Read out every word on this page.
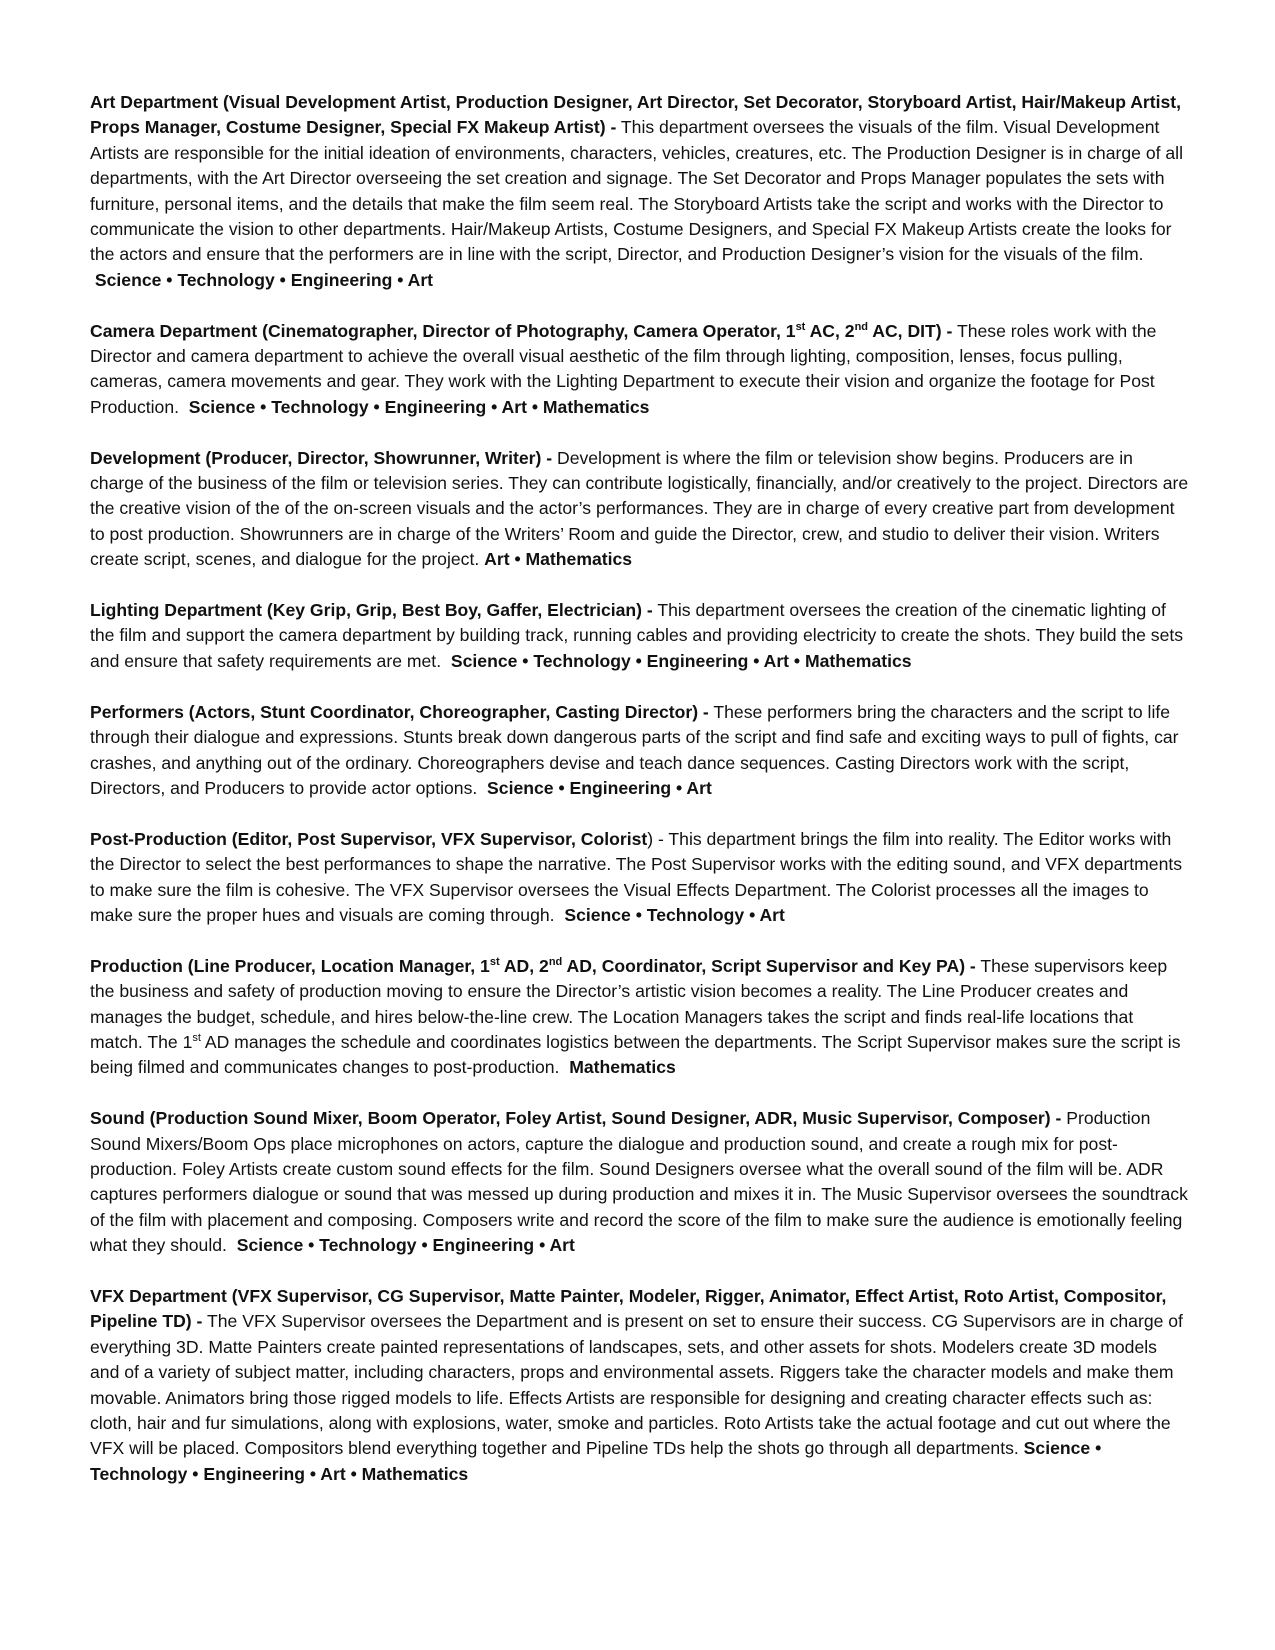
Art Department (Visual Development Artist, Production Designer, Art Director, Set Decorator, Storyboard Artist, Hair/Makeup Artist, Props Manager, Costume Designer, Special FX Makeup Artist) - This department oversees the visuals of the film. Visual Development Artists are responsible for the initial ideation of environments, characters, vehicles, creatures, etc. The Production Designer is in charge of all departments, with the Art Director overseeing the set creation and signage. The Set Decorator and Props Manager populates the sets with furniture, personal items, and the details that make the film seem real. The Storyboard Artists take the script and works with the Director to communicate the vision to other departments. Hair/Makeup Artists, Costume Designers, and Special FX Makeup Artists create the looks for the actors and ensure that the performers are in line with the script, Director, and Production Designer’s vision for the visuals of the film.  Science • Technology • Engineering • Art

Camera Department (Cinematographer, Director of Photography, Camera Operator, 1st AC, 2nd AC, DIT) - These roles work with the Director and camera department to achieve the overall visual aesthetic of the film through lighting, composition, lenses, focus pulling, cameras, camera movements and gear. They work with the Lighting Department to execute their vision and organize the footage for Post Production. Science • Technology • Engineering • Art • Mathematics

Development (Producer, Director, Showrunner, Writer) - Development is where the film or television show begins. Producers are in charge of the business of the film or television series. They can contribute logistically, financially, and/or creatively to the project. Directors are the creative vision of the of the on-screen visuals and the actor’s performances. They are in charge of every creative part from development to post production. Showrunners are in charge of the Writers’ Room and guide the Director, crew, and studio to deliver their vision. Writers create script, scenes, and dialogue for the project. Art • Mathematics

Lighting Department (Key Grip, Grip, Best Boy, Gaffer, Electrician) - This department oversees the creation of the cinematic lighting of the film and support the camera department by building track, running cables and providing electricity to create the shots. They build the sets and ensure that safety requirements are met. Science • Technology • Engineering • Art • Mathematics

Performers (Actors, Stunt Coordinator, Choreographer, Casting Director) - These performers bring the characters and the script to life through their dialogue and expressions. Stunts break down dangerous parts of the script and find safe and exciting ways to pull of fights, car crashes, and anything out of the ordinary. Choreographers devise and teach dance sequences. Casting Directors work with the script, Directors, and Producers to provide actor options. Science • Engineering • Art

Post-Production (Editor, Post Supervisor, VFX Supervisor, Colorist) - This department brings the film into reality. The Editor works with the Director to select the best performances to shape the narrative. The Post Supervisor works with the editing sound, and VFX departments to make sure the film is cohesive. The VFX Supervisor oversees the Visual Effects Department. The Colorist processes all the images to make sure the proper hues and visuals are coming through. Science • Technology • Art

Production (Line Producer, Location Manager, 1st AD, 2nd AD, Coordinator, Script Supervisor and Key PA) - These supervisors keep the business and safety of production moving to ensure the Director’s artistic vision becomes a reality. The Line Producer creates and manages the budget, schedule, and hires below-the-line crew. The Location Managers takes the script and finds real-life locations that match. The 1st AD manages the schedule and coordinates logistics between the departments. The Script Supervisor makes sure the script is being filmed and communicates changes to post-production. Mathematics

Sound (Production Sound Mixer, Boom Operator, Foley Artist, Sound Designer, ADR, Music Supervisor, Composer) - Production Sound Mixers/Boom Ops place microphones on actors, capture the dialogue and production sound, and create a rough mix for post-production. Foley Artists create custom sound effects for the film. Sound Designers oversee what the overall sound of the film will be. ADR captures performers dialogue or sound that was messed up during production and mixes it in. The Music Supervisor oversees the soundtrack of the film with placement and composing. Composers write and record the score of the film to make sure the audience is emotionally feeling what they should. Science • Technology • Engineering • Art

VFX Department (VFX Supervisor, CG Supervisor, Matte Painter, Modeler, Rigger, Animator, Effect Artist, Roto Artist, Compositor, Pipeline TD) - The VFX Supervisor oversees the Department and is present on set to ensure their success. CG Supervisors are in charge of everything 3D. Matte Painters create painted representations of landscapes, sets, and other assets for shots. Modelers create 3D models and of a variety of subject matter, including characters, props and environmental assets. Riggers take the character models and make them movable. Animators bring those rigged models to life. Effects Artists are responsible for designing and creating character effects such as: cloth, hair and fur simulations, along with explosions, water, smoke and particles. Roto Artists take the actual footage and cut out where the VFX will be placed. Compositors blend everything together and Pipeline TDs help the shots go through all departments. Science • Technology • Engineering • Art • Mathematics
